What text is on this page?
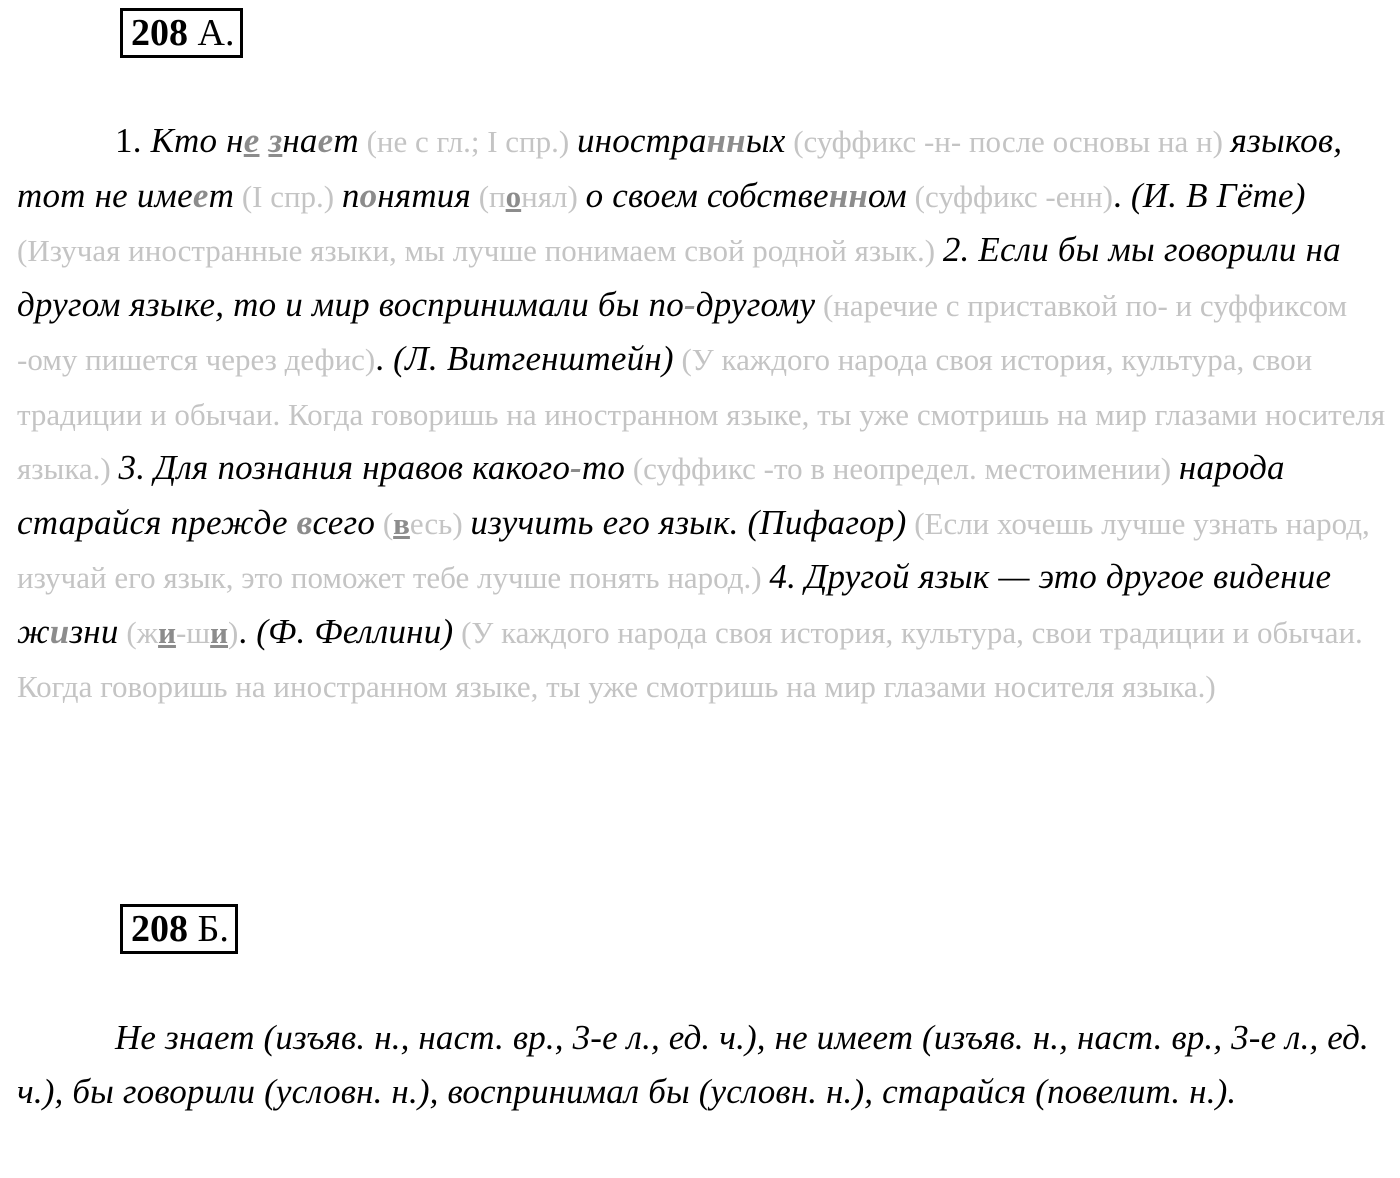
208 А.

1. Кто не знает (не с гл.; I спр.) иностранных (суффикс -н- после основы на н) языков, тот не имеет (I спр.) понятия (понял) о своем собственном (суффикс -енн). (И. В Гёте) (Изучая иностранные языки, мы лучше понимаем свой родной язык.) 2. Если бы мы говорили на другом языке, то и мир воспринимали бы по-другому (наречие с приставкой по- и суффиксом -ому пишется через дефис). (Л. Витгенштейн) (У каждого народа своя история, культура, свои традиции и обычаи. Когда говоришь на иностранном языке, ты уже смотришь на мир глазами носителя языка.) 3. Для познания нравов какого-то (суффикс -то в неопредел. местоимении) народа старайся прежде всего (весь) изучить его язык. (Пифагор) (Если хочешь лучше узнать народ, изучай его язык, это поможет тебе лучше понять народ.) 4. Другой язык — это другое видение жизни (жи-ши). (Ф. Феллини) (У каждого народа своя история, культура, свои традиции и обычаи. Когда говоришь на иностранном языке, ты уже смотришь на мир глазами носителя языка.)

208 Б.

Не знает (изъяв. н., наст. вр., 3-е л., ед. ч.), не имеет (изъяв. н., наст. вр., 3-е л., ед. ч.), бы говорили (условн. н.), воспринимал бы (условн. н.), старайся (повелит. н.).
